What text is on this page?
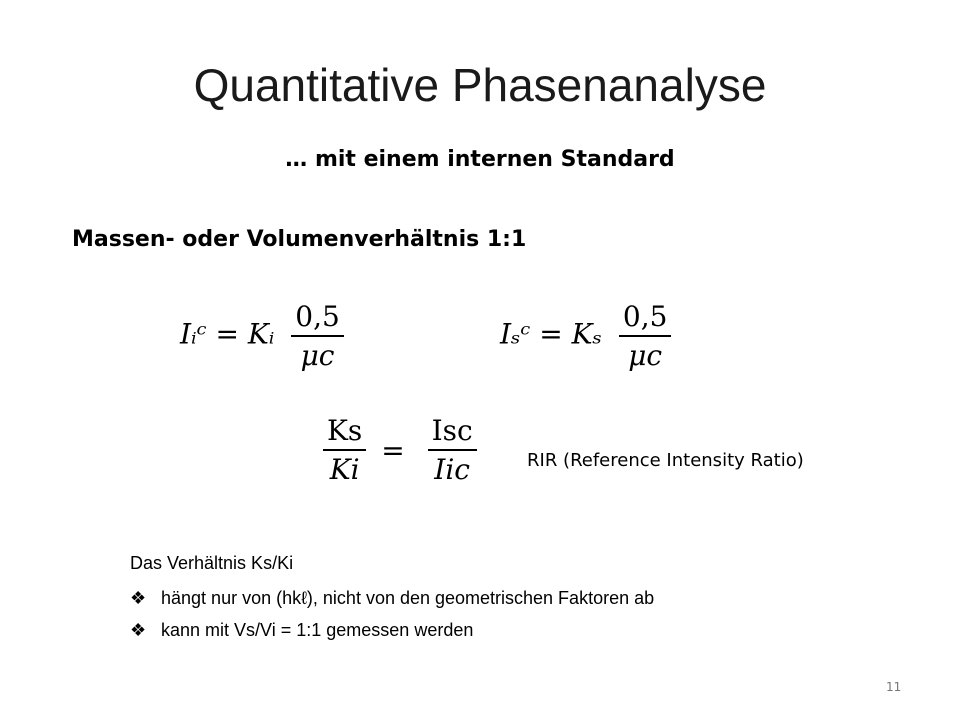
Quantitative Phasenanalyse
… mit einem internen Standard
Massen- oder Volumenverhältnis 1:1
Iᵢᶜ = Kᵢ $\frac{0,5}{\mu c}$	Iₛᶜ = Kₛ $\frac{0,5}{\mu c}$
$\frac{Ks}{Ki} = \frac{\text{Isc}}{\text{Iic}}$	RIR (Reference Intensity Ratio)
Das Verhältnis Ks/Ki
❖ hängt nur von (hkℓ), nicht von den geometrischen Faktoren ab
❖ kann mit Vs/Vi = 1:1 gemessen werden
11
